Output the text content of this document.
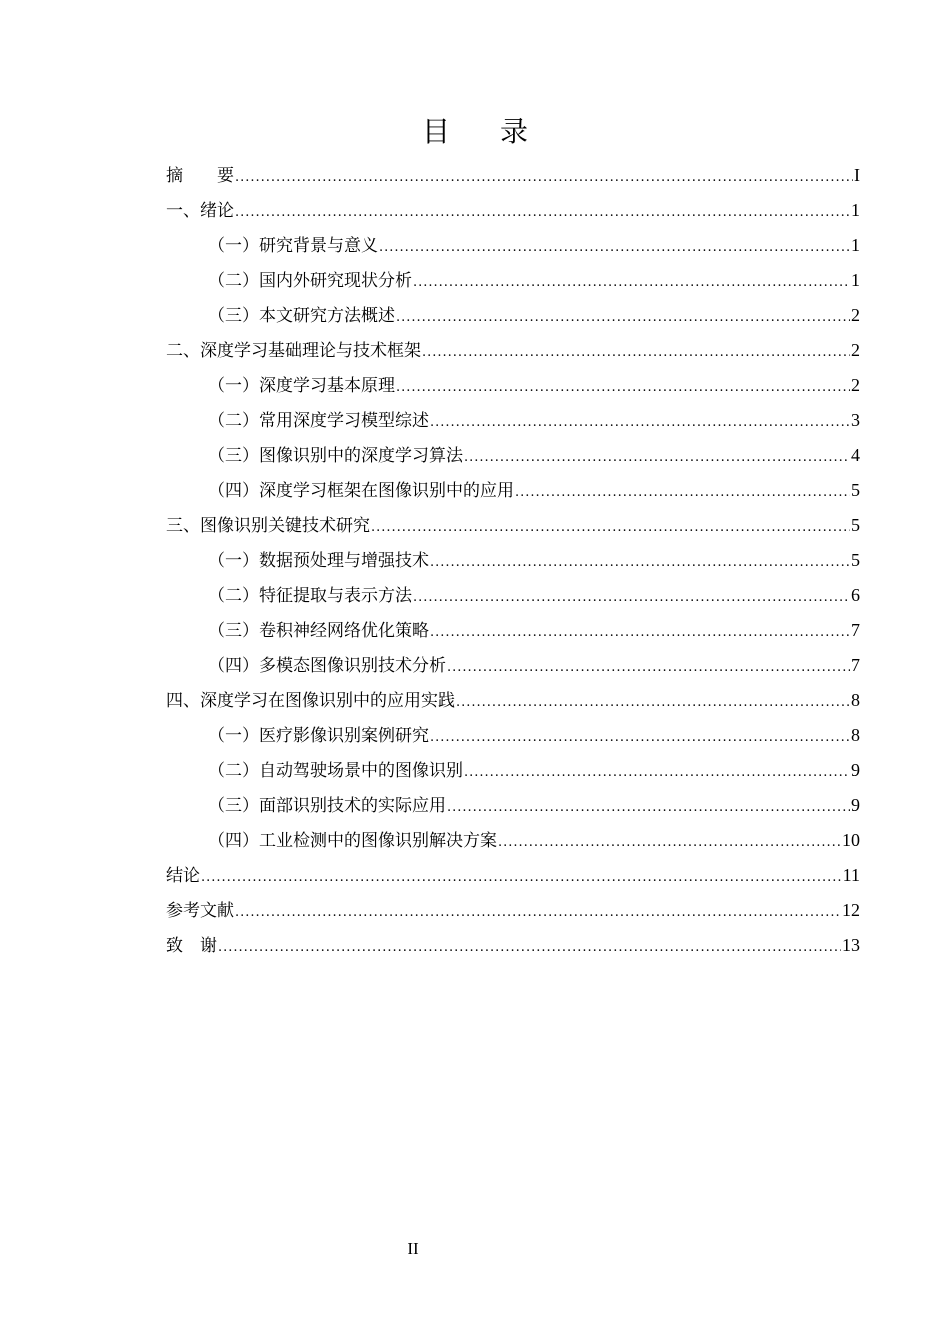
目 录
摘　　要 .....	I
一、绪论 .....	1
（一）研究背景与意义 .....	1
（二）国内外研究现状分析 .....	1
（三）本文研究方法概述 .....	2
二、深度学习基础理论与技术框架 .....	2
（一）深度学习基本原理 .....	2
（二）常用深度学习模型综述 .....	3
（三）图像识别中的深度学习算法 .....	4
（四）深度学习框架在图像识别中的应用 .....	5
三、图像识别关键技术研究 .....	5
（一）数据预处理与增强技术 .....	5
（二）特征提取与表示方法 .....	6
（三）卷积神经网络优化策略 .....	7
（四）多模态图像识别技术分析 .....	7
四、深度学习在图像识别中的应用实践 .....	8
（一）医疗影像识别案例研究 .....	8
（二）自动驾驶场景中的图像识别 .....	9
（三）面部识别技术的实际应用 .....	9
（四）工业检测中的图像识别解决方案 .....	10
结论 .....	11
参考文献 .....	12
致　谢 .....	13
II
